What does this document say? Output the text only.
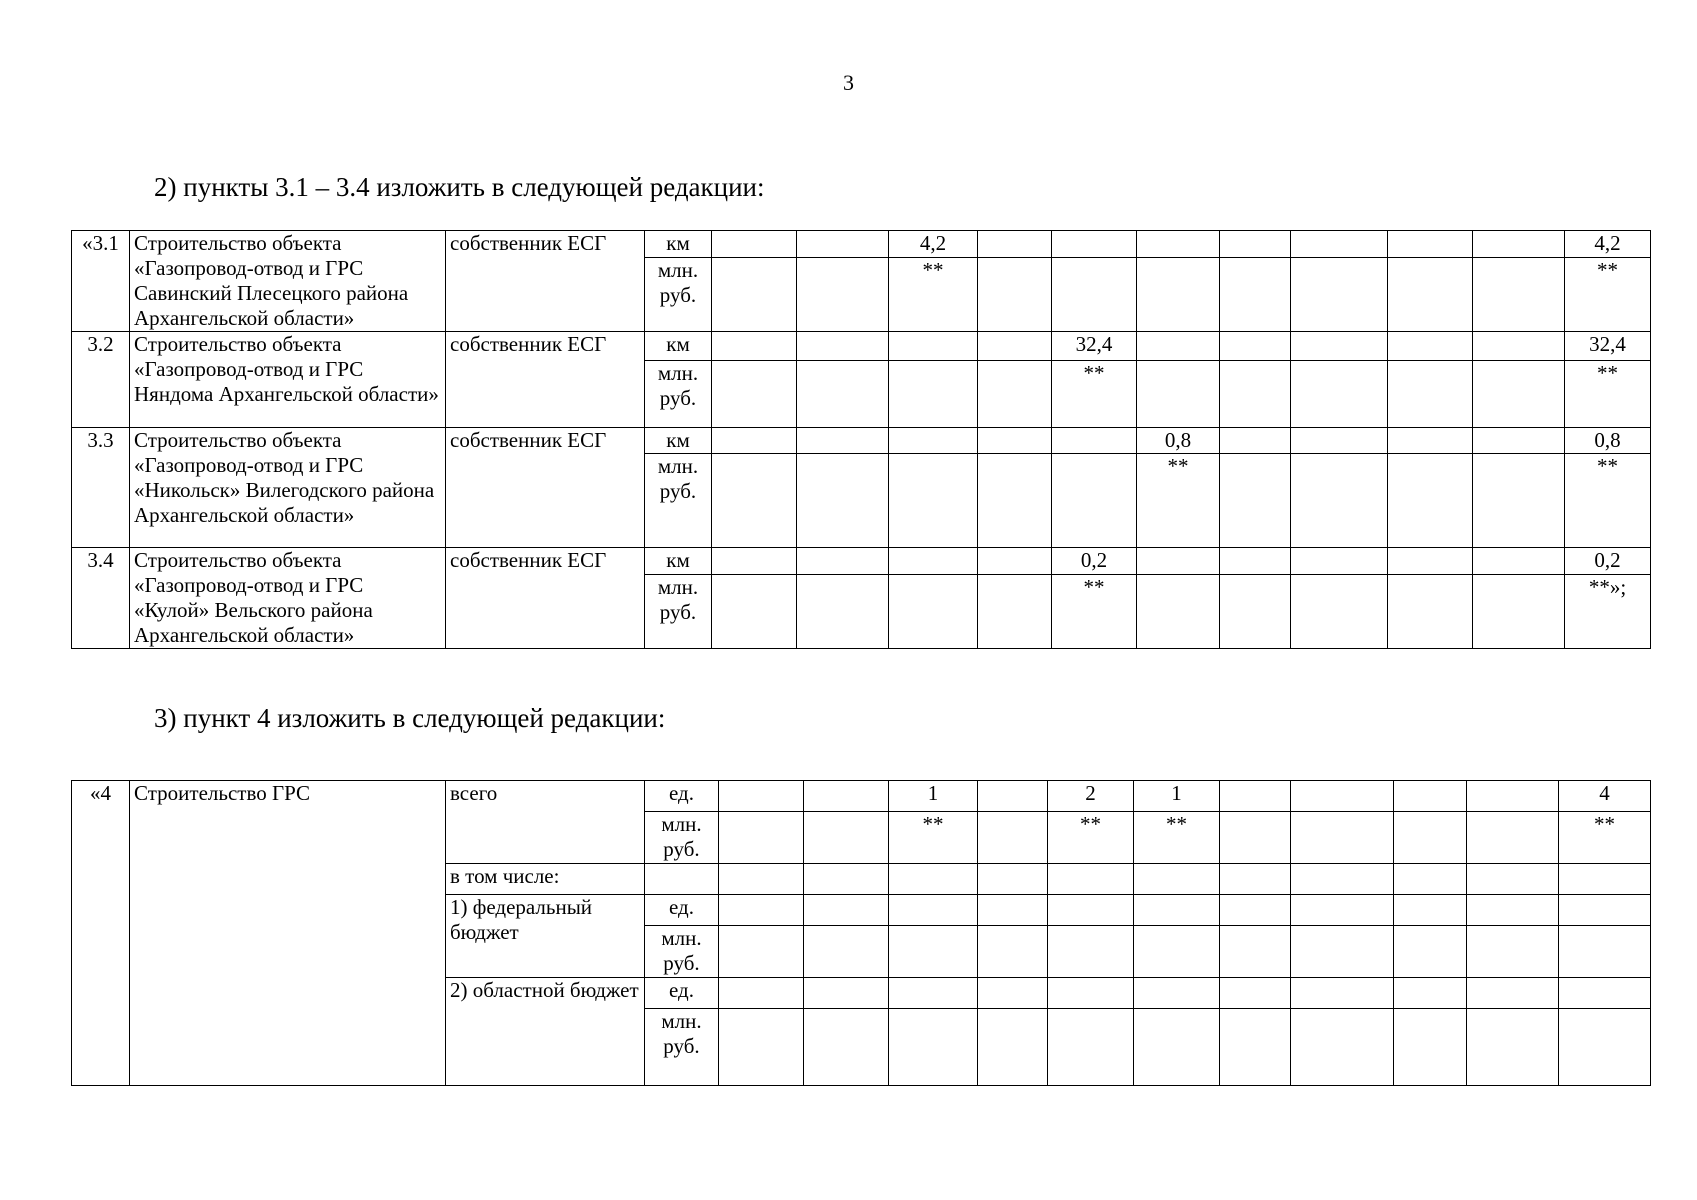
3
2) пункты 3.1 – 3.4 изложить в следующей редакции:
«3.1	Строительство объекта «Газопровод-отвод и ГРС Савинский Плесецкого района Архангельской области»	собственник ЕСГ	км			4,2								4,2
			млн. руб.			**								**
3.2	Строительство объекта «Газопровод-отвод и ГРС Няндома Архангельской области»	собственник ЕСГ	км					32,4						32,4
			млн. руб.					**						**
3.3	Строительство объекта «Газопровод-отвод и ГРС «Никольск» Вилегодского района Архангельской области»	собственник ЕСГ	км						0,8					0,8
			млн. руб.						**					**
3.4	Строительство объекта «Газопровод-отвод и ГРС «Кулой» Вельского района Архангельской области»	собственник ЕСГ	км					0,2						0,2
			млн. руб.					**						**»;
3) пункт 4 изложить в следующей редакции:
«4	Строительство ГРС	всего	ед.			1		2	1					4
			млн. руб.			**		**	**					**
		в том числе:												
		1) федеральный бюджет	ед.											
			млн. руб.											
		2) областной бюджет	ед.											
			млн. руб.											
